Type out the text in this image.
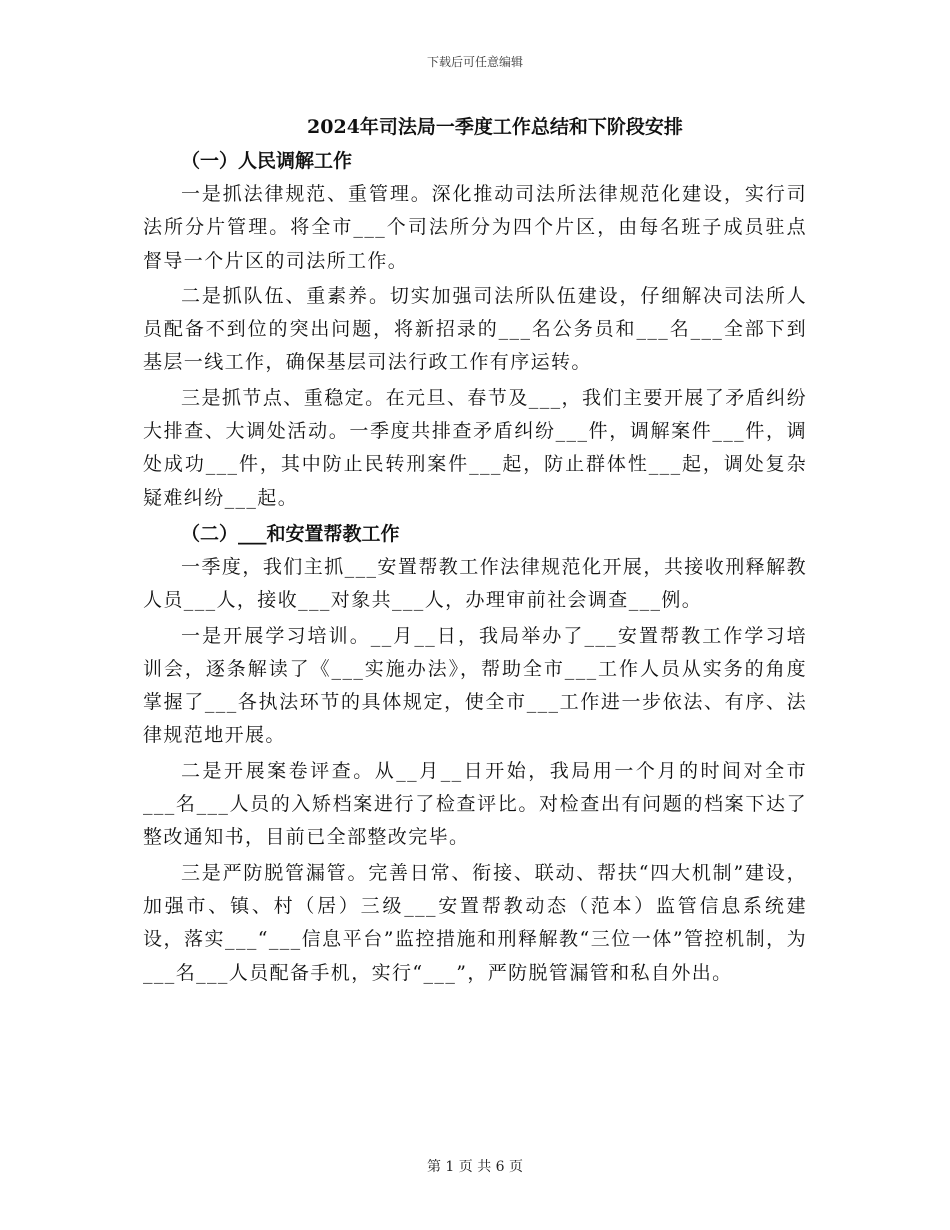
下载后可任意编辑
2024年司法局一季度工作总结和下阶段安排
（一）人民调解工作

一是抓法律规范、重管理。深化推动司法所法律规范化建设，实行司法所分片管理。将全市___个司法所分为四个片区，由每名班子成员驻点督导一个片区的司法所工作。

二是抓队伍、重素养。切实加强司法所队伍建设，仔细解决司法所人员配备不到位的突出问题，将新招录的___名公务员和___名___全部下到基层一线工作，确保基层司法行政工作有序运转。

三是抓节点、重稳定。在元旦、春节及___，我们主要开展了矛盾纠纷大排查、大调处活动。一季度共排查矛盾纠纷___件，调解案件___件，调处成功___件，其中防止民转刑案件___起，防止群体性___起，调处复杂疑难纠纷___起。

（二）___和安置帮教工作

一季度，我们主抓___安置帮教工作法律规范化开展，共接收刑释解教人员___人，接收___对象共___人，办理审前社会调查___例。

一是开展学习培训。__月__日，我局举办了___安置帮教工作学习培训会，逐条解读了《___实施办法》，帮助全市___工作人员从实务的角度掌握了___各执法环节的具体规定，使全市___工作进一步依法、有序、法律规范地开展。

二是开展案卷评查。从__月__日开始，我局用一个月的时间对全市___名___人员的入矫档案进行了检查评比。对检查出有问题的档案下达了整改通知书，目前已全部整改完毕。

三是严防脱管漏管。完善日常、衔接、联动、帮扶“四大机制”建设，加强市、镇、村（居）三级___安置帮教动态（范本）监管信息系统建设，落实___“___信息平台”监控措施和刑释解教“三位一体”管控机制，为___名___人员配备手机，实行“___”，严防脱管漏管和私自外出。

第 1 页 共 6 页
